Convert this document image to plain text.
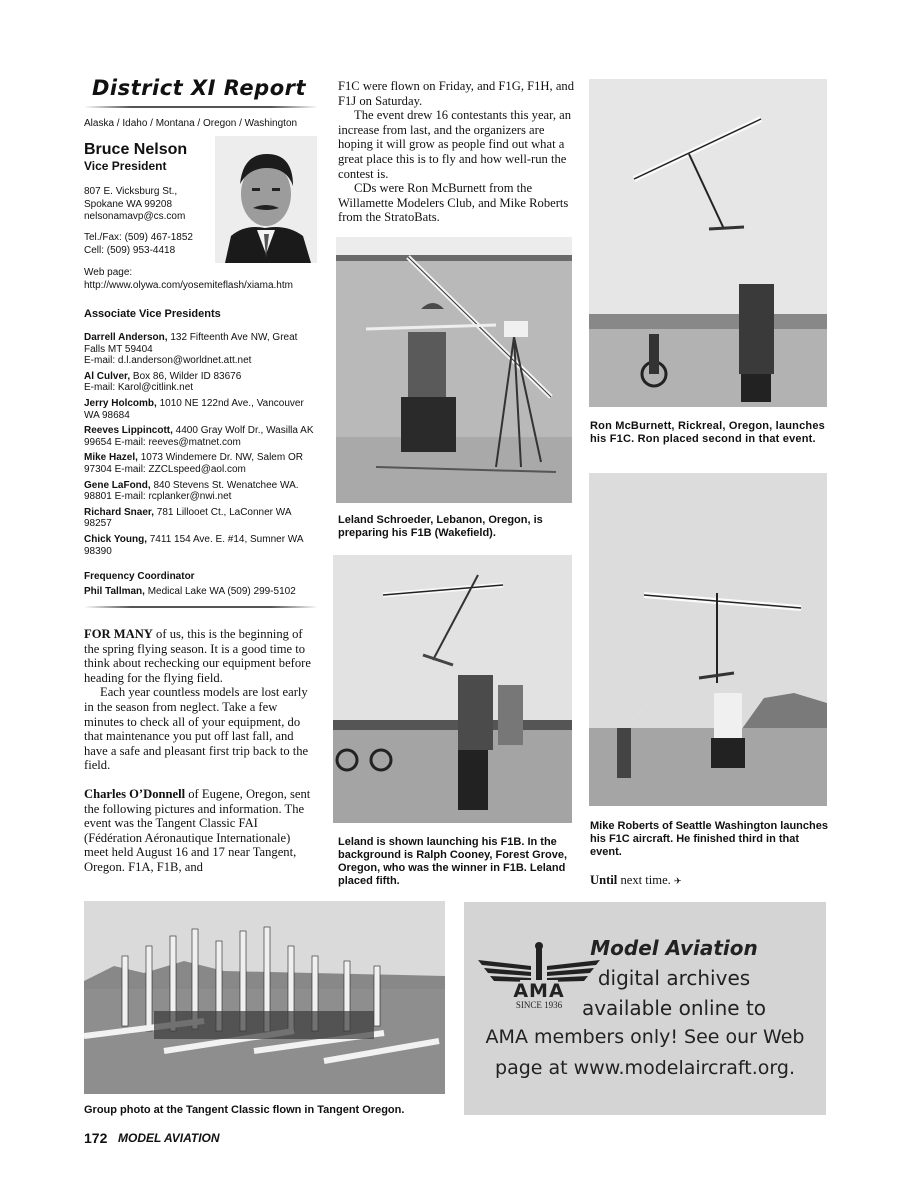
District XI Report
Alaska / Idaho / Montana / Oregon / Washington
Bruce Nelson
Vice President
807 E. Vicksburg St.,
Spokane WA 99208
nelsonamavp@cs.com
Tel./Fax: (509) 467-1852
Cell: (509) 953-4418
Web page:
http://www.olywa.com/yosemiteflash/xiama.htm
Associate Vice Presidents
Darrell Anderson, 132 Fifteenth Ave NW, Great Falls MT 59404
E-mail: d.l.anderson@worldnet.att.net
Al Culver, Box 86, Wilder ID 83676
E-mail: Karol@citlink.net
Jerry Holcomb, 1010 NE 122nd Ave., Vancouver WA 98684
Reeves Lippincott, 4400 Gray Wolf Dr., Wasilla AK 99654 E-mail: reeves@matnet.com
Mike Hazel, 1073 Windemere Dr. NW, Salem OR 97304 E-mail: ZZCLspeed@aol.com
Gene LaFond, 840 Stevens St. Wenatchee WA. 98801 E-mail: rcplanker@nwi.net
Richard Snaer, 781 Lillooet Ct., LaConner WA 98257
Chick Young, 7411 154 Ave. E. #14, Sumner WA 98390
Frequency Coordinator
Phil Tallman, Medical Lake WA (509) 299-5102

FOR MANY of us, this is the beginning of the spring flying season. It is a good time to think about rechecking our equipment before heading for the flying field.

Each year countless models are lost early in the season from neglect. Take a few minutes to check all of your equipment, do that maintenance you put off last fall, and have a safe and pleasant first trip back to the field.

Charles O’Donnell of Eugene, Oregon, sent the following pictures and information. The event was the Tangent Classic FAI (Fédération Aéronautique Internationale) meet held August 16 and 17 near Tangent, Oregon. F1A, F1B, and

F1C were flown on Friday, and F1G, F1H, and F1J on Saturday.

The event drew 16 contestants this year, an increase from last, and the organizers are hoping it will grow as people find out what a great place this is to fly and how well-run the contest is.

CDs were Ron McBurnett from the Willamette Modelers Club, and Mike Roberts from the StratoBats.

Leland Schroeder, Lebanon, Oregon, is preparing his F1B (Wakefield).
Leland is shown launching his F1B. In the background is Ralph Cooney, Forest Grove, Oregon, who was the winner in F1B. Leland placed fifth.
Ron McBurnett, Rickreal, Oregon, launches his F1C. Ron placed second in that event.
Mike Roberts of Seattle Washington launches his F1C aircraft. He finished third in that event.
Until next time. ✈
Group photo at the Tangent Classic flown in Tangent Oregon.
AMA
SINCE 1936
Model Aviation
digital archives
available online to
AMA members only! See our Web
page at www.modelaircraft.org.
172 MODEL AVIATION
